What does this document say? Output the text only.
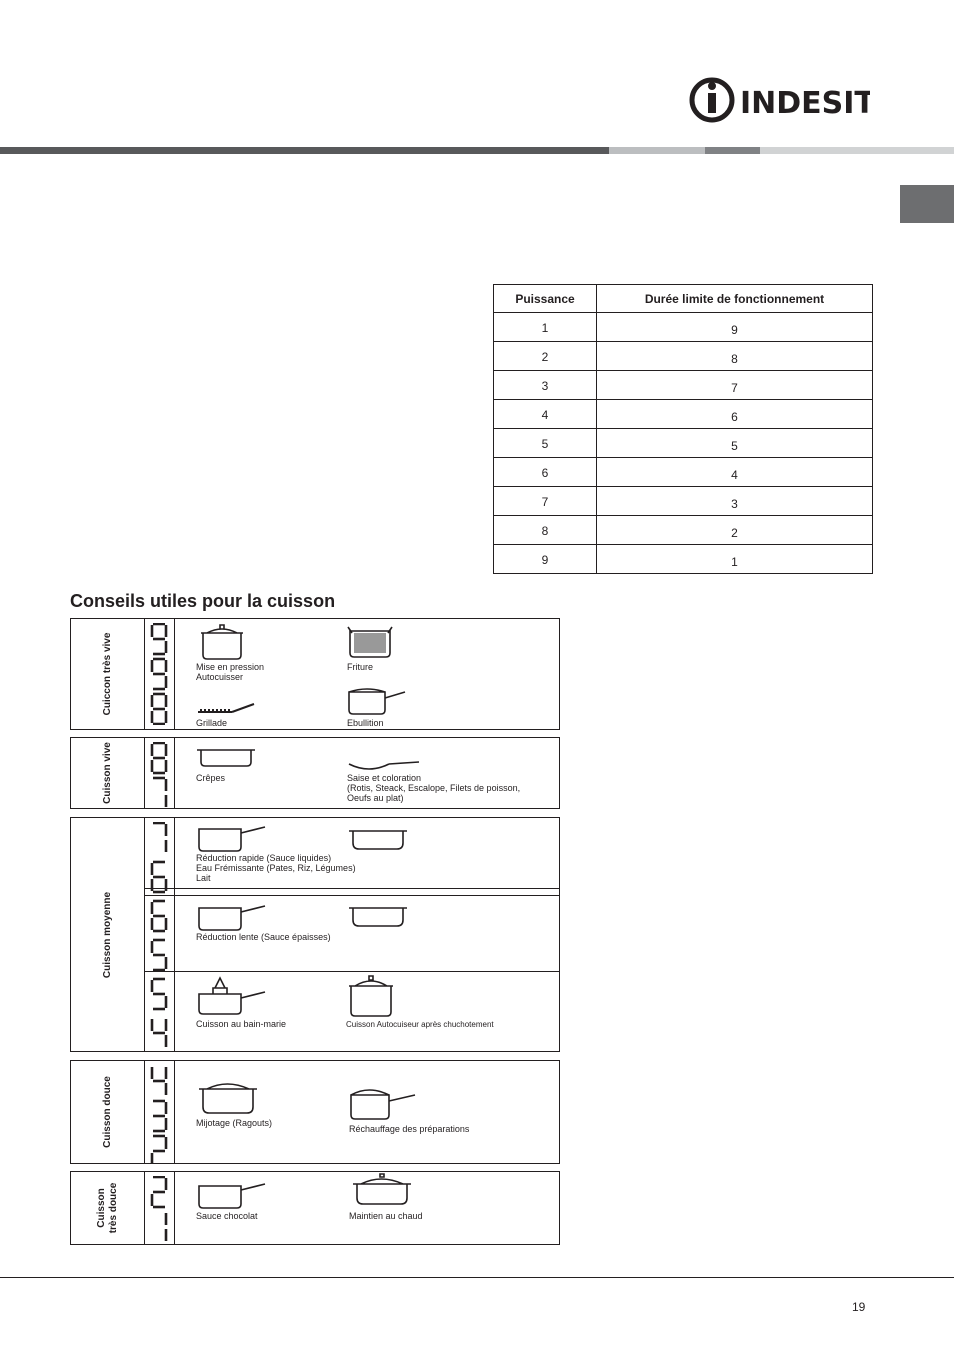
INDESIT
Puissance	Durée limite de fonctionnement
1	9
2	8
3	7
4	6
5	5
6	4
7	3
8	2
9	1
Conseils utiles pour la cuisson
Cuiccon très vive	Mise en pression
Autocuisser
Friture
Grillade	Ebullition
Cuisson vive	Crêpes	Saise et coloration
(Rotis, Steack, Escalope, Filets de poisson,
Oeufs au plat)
Cuisson moyenne
Réduction rapide (Sauce liquides)
Eau Frémissante (Pates, Riz, Légumes)
Lait
Réduction lente (Sauce épaisses)
Cuisson au bain-marie	Cuisson Autocuiseur après chuchotement
Cuisson douce	Mijotage (Ragouts)
Réchauffage des préparations
Cuisson
très douce
Sauce chocolat	Maintien au chaud
19
